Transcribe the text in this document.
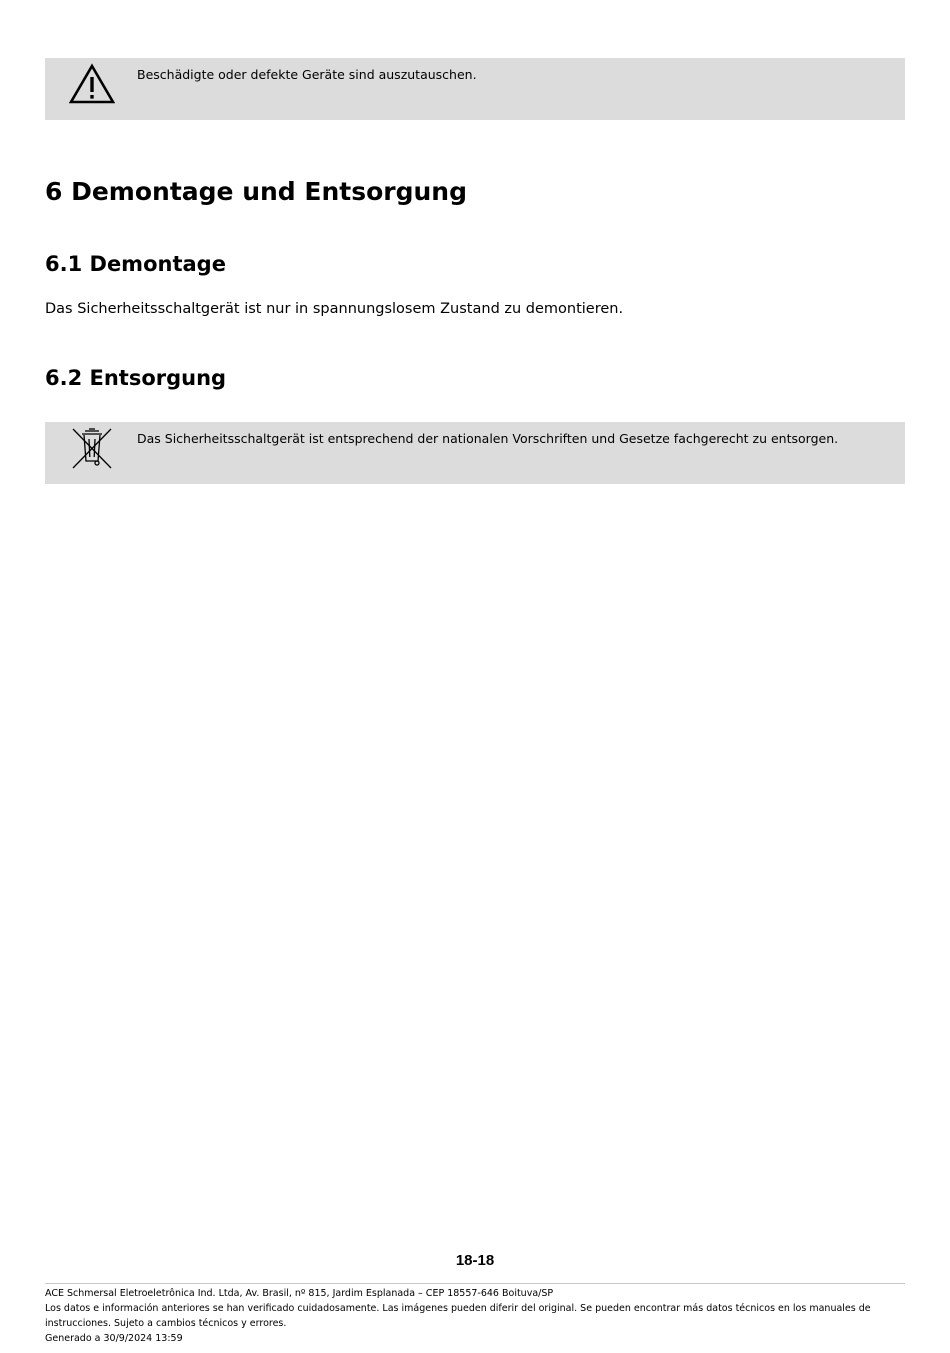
Beschädigte oder defekte Geräte sind auszutauschen.
6 Demontage und Entsorgung
6.1 Demontage
Das Sicherheitsschaltgerät ist nur in spannungslosem Zustand zu demontieren.
6.2 Entsorgung
Das Sicherheitsschaltgerät ist entsprechend der nationalen Vorschriften und Gesetze fachgerecht zu entsorgen.
18-18
ACE Schmersal Eletroeletrônica Ind. Ltda, Av. Brasil, nº 815, Jardim Esplanada – CEP 18557-646 Boituva/SP
Los datos e información anteriores se han verificado cuidadosamente. Las imágenes pueden diferir del original. Se pueden encontrar más datos técnicos en los manuales de instrucciones. Sujeto a cambios técnicos y errores.
Generado a 30/9/2024 13:59
